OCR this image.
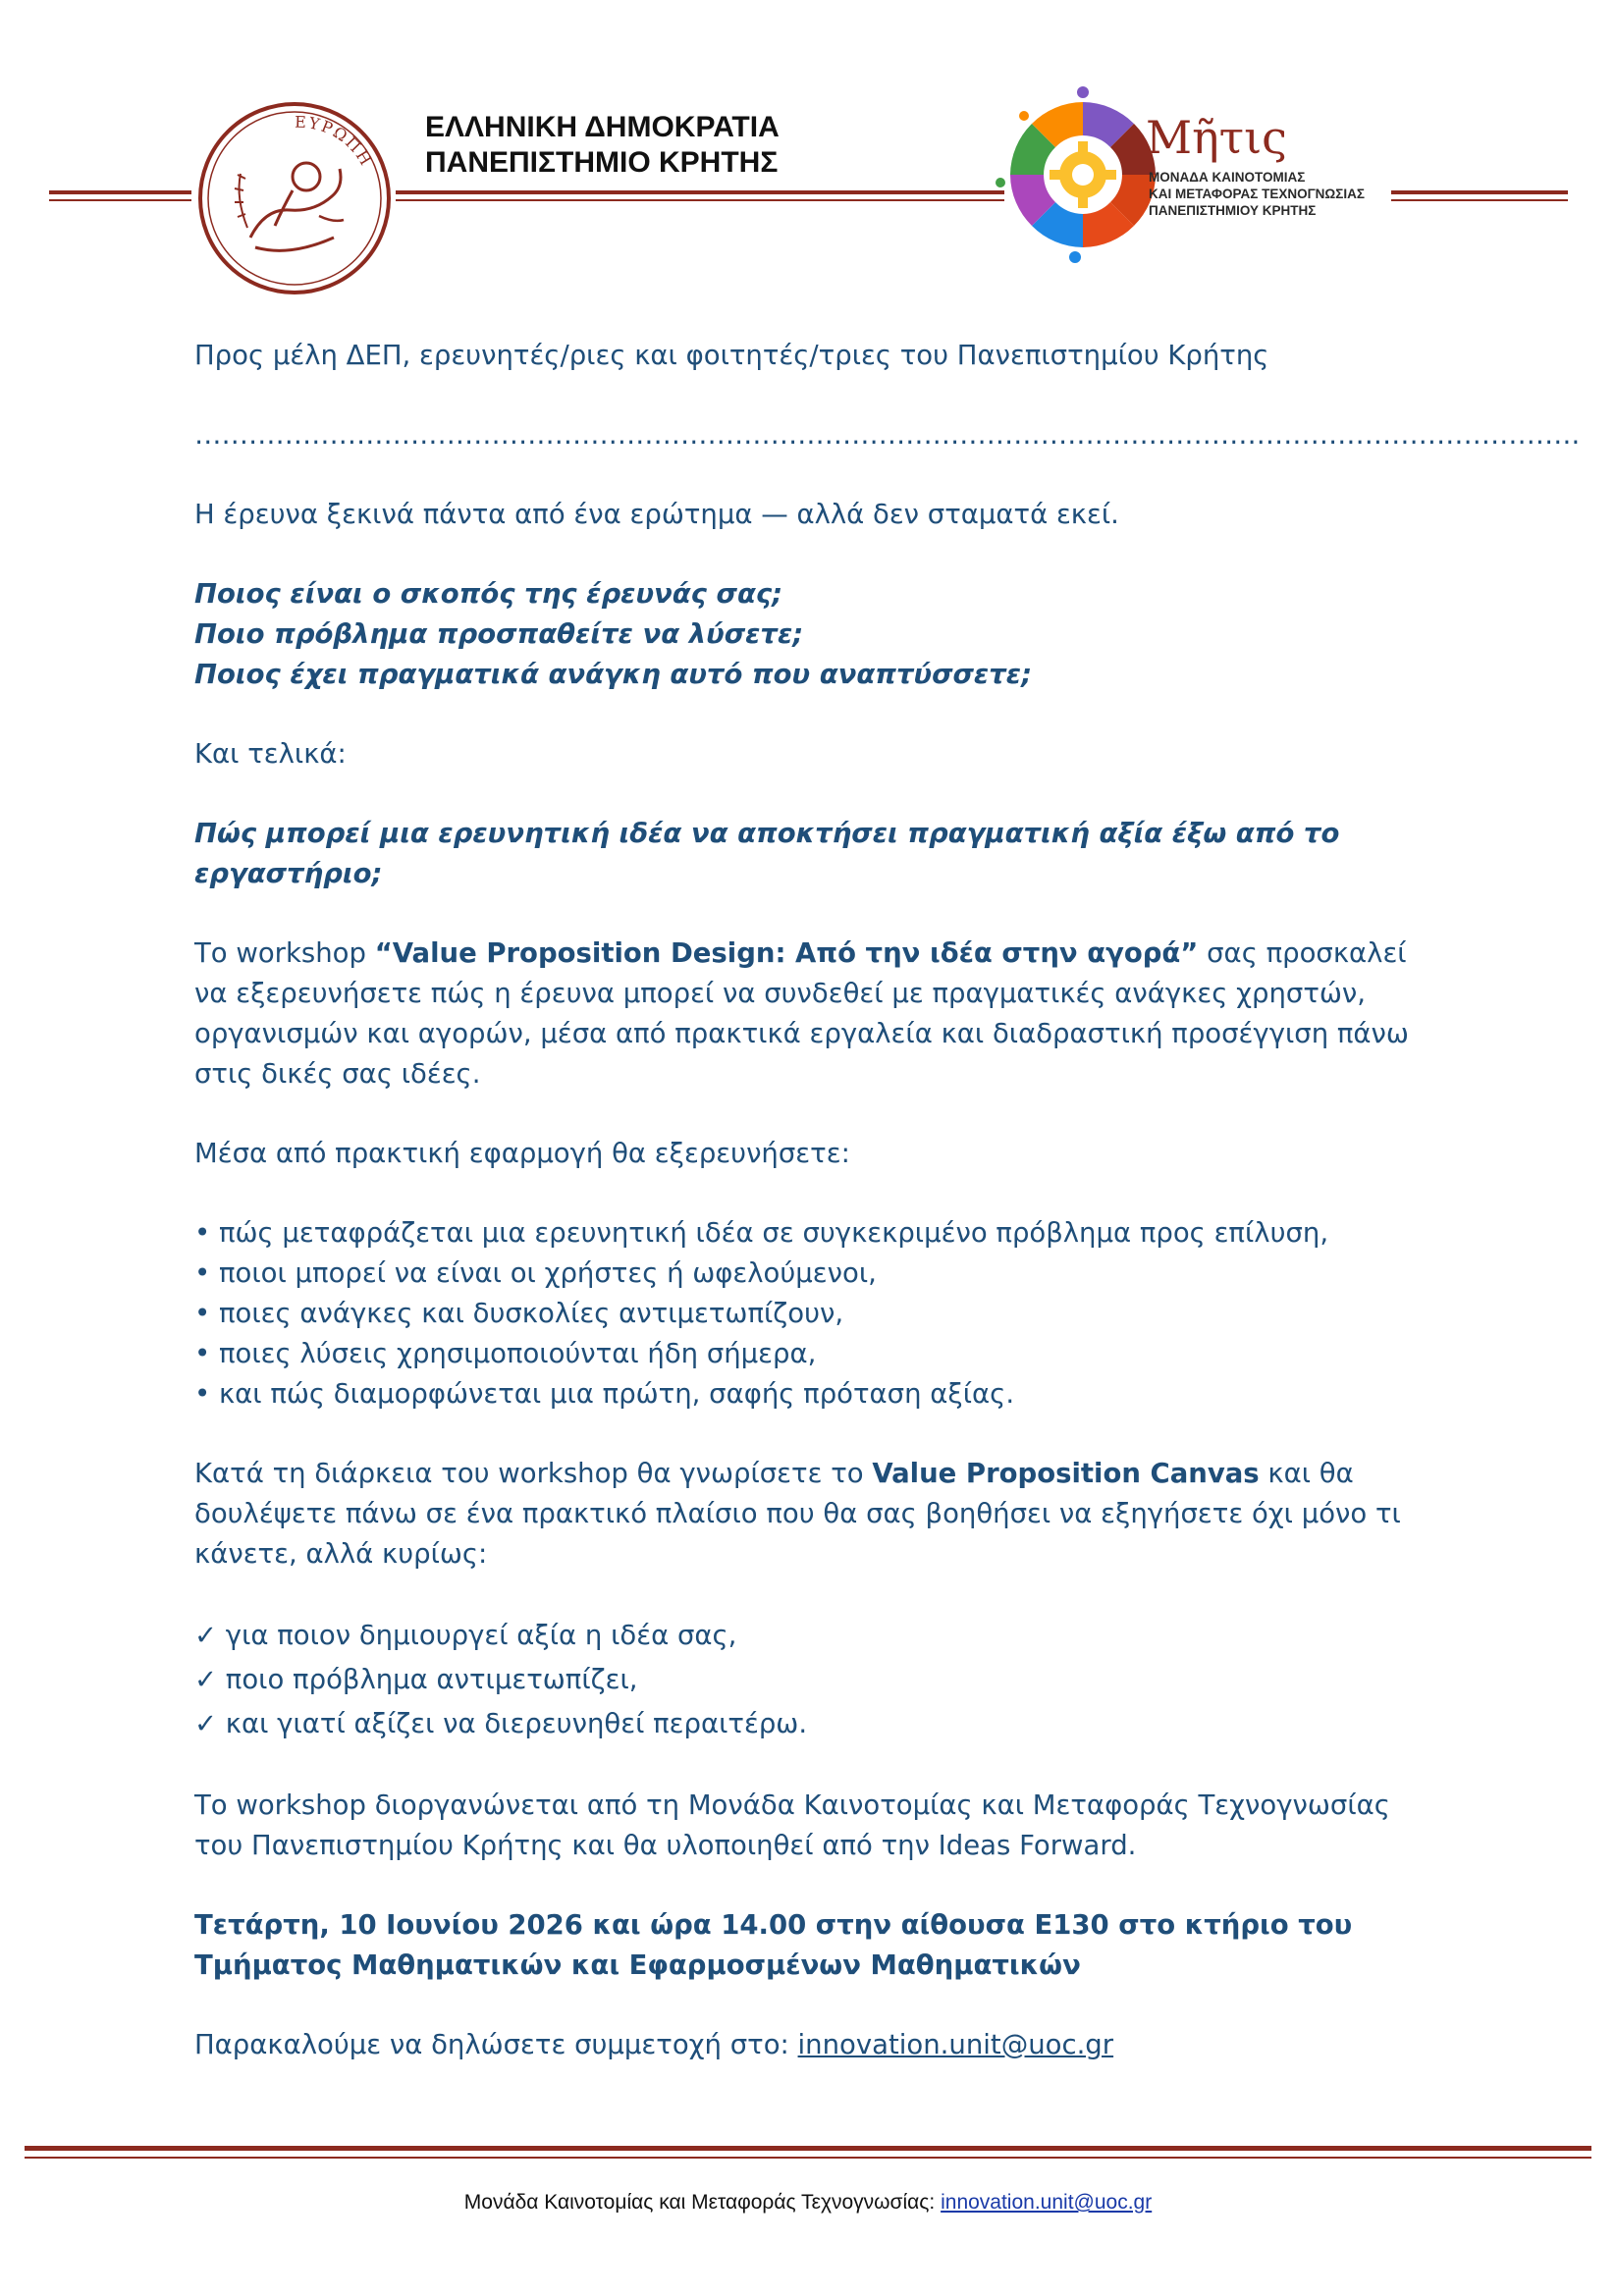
ΕΥΡΩΠΗ
ΕΛΛΗΝΙΚΗ ΔΗΜΟΚΡΑΤΙΑ
ΠΑΝΕΠΙΣΤΗΜΙΟ ΚΡΗΤΗΣ	Μῆτις
ΜΟΝΑΔΑ ΚΑΙΝΟΤΟΜΙΑΣ
ΚΑΙ ΜΕΤΑΦΟΡΑΣ ΤΕΧΝΟΓΝΩΣΙΑΣ
ΠΑΝΕΠΙΣΤΗΜΙΟΥ ΚΡΗΤΗΣ

Προς μέλη ΔΕΠ, ερευνητές/ριες και φοιτητές/τριες του Πανεπιστημίου Κρήτης

……………………………………………………………………………………………………………………………………….

Η έρευνα ξεκινά πάντα από ένα ερώτημα — αλλά δεν σταματά εκεί.

Ποιος είναι ο σκοπός της έρευνάς σας;

Ποιο πρόβλημα προσπαθείτε να λύσετε;

Ποιος έχει πραγματικά ανάγκη αυτό που αναπτύσσετε;

Και τελικά:

Πώς μπορεί μια ερευνητική ιδέα να αποκτήσει πραγματική αξία έξω από το εργαστήριο;

Το workshop “Value Proposition Design: Από την ιδέα στην αγορά” σας προσκαλεί να εξερευνήσετε πώς η έρευνα μπορεί να συνδεθεί με πραγματικές ανάγκες χρηστών, οργανισμών και αγορών, μέσα από πρακτικά εργαλεία και διαδραστική προσέγγιση πάνω στις δικές σας ιδέες.

Μέσα από πρακτική εφαρμογή θα εξερευνήσετε:

• πώς μεταφράζεται μια ερευνητική ιδέα σε συγκεκριμένο πρόβλημα προς επίλυση,

• ποιοι μπορεί να είναι οι χρήστες ή ωφελούμενοι,

• ποιες ανάγκες και δυσκολίες αντιμετωπίζουν,

• ποιες λύσεις χρησιμοποιούνται ήδη σήμερα,

• και πώς διαμορφώνεται μια πρώτη, σαφής πρόταση αξίας.

Κατά τη διάρκεια του workshop θα γνωρίσετε το Value Proposition Canvas και θα δουλέψετε πάνω σε ένα πρακτικό πλαίσιο που θα σας βοηθήσει να εξηγήσετε όχι μόνο τι κάνετε, αλλά κυρίως:

✓ για ποιον δημιουργεί αξία η ιδέα σας,

✓ ποιο πρόβλημα αντιμετωπίζει,

✓ και γιατί αξίζει να διερευνηθεί περαιτέρω.

Το workshop διοργανώνεται από τη Μονάδα Καινοτομίας και Μεταφοράς Τεχνογνωσίας του Πανεπιστημίου Κρήτης και θα υλοποιηθεί από την Ideas Forward.

Τετάρτη, 10 Ιουνίου 2026 και ώρα 14.00 στην αίθουσα Ε130 στο κτήριο του Τμήματος Μαθηματικών και Εφαρμοσμένων Μαθηματικών

Παρακαλούμε να δηλώσετε συμμετοχή στο: innovation.unit@uoc.gr

Μονάδα Καινοτομίας και Μεταφοράς Τεχνογνωσίας: innovation.unit@uoc.gr
